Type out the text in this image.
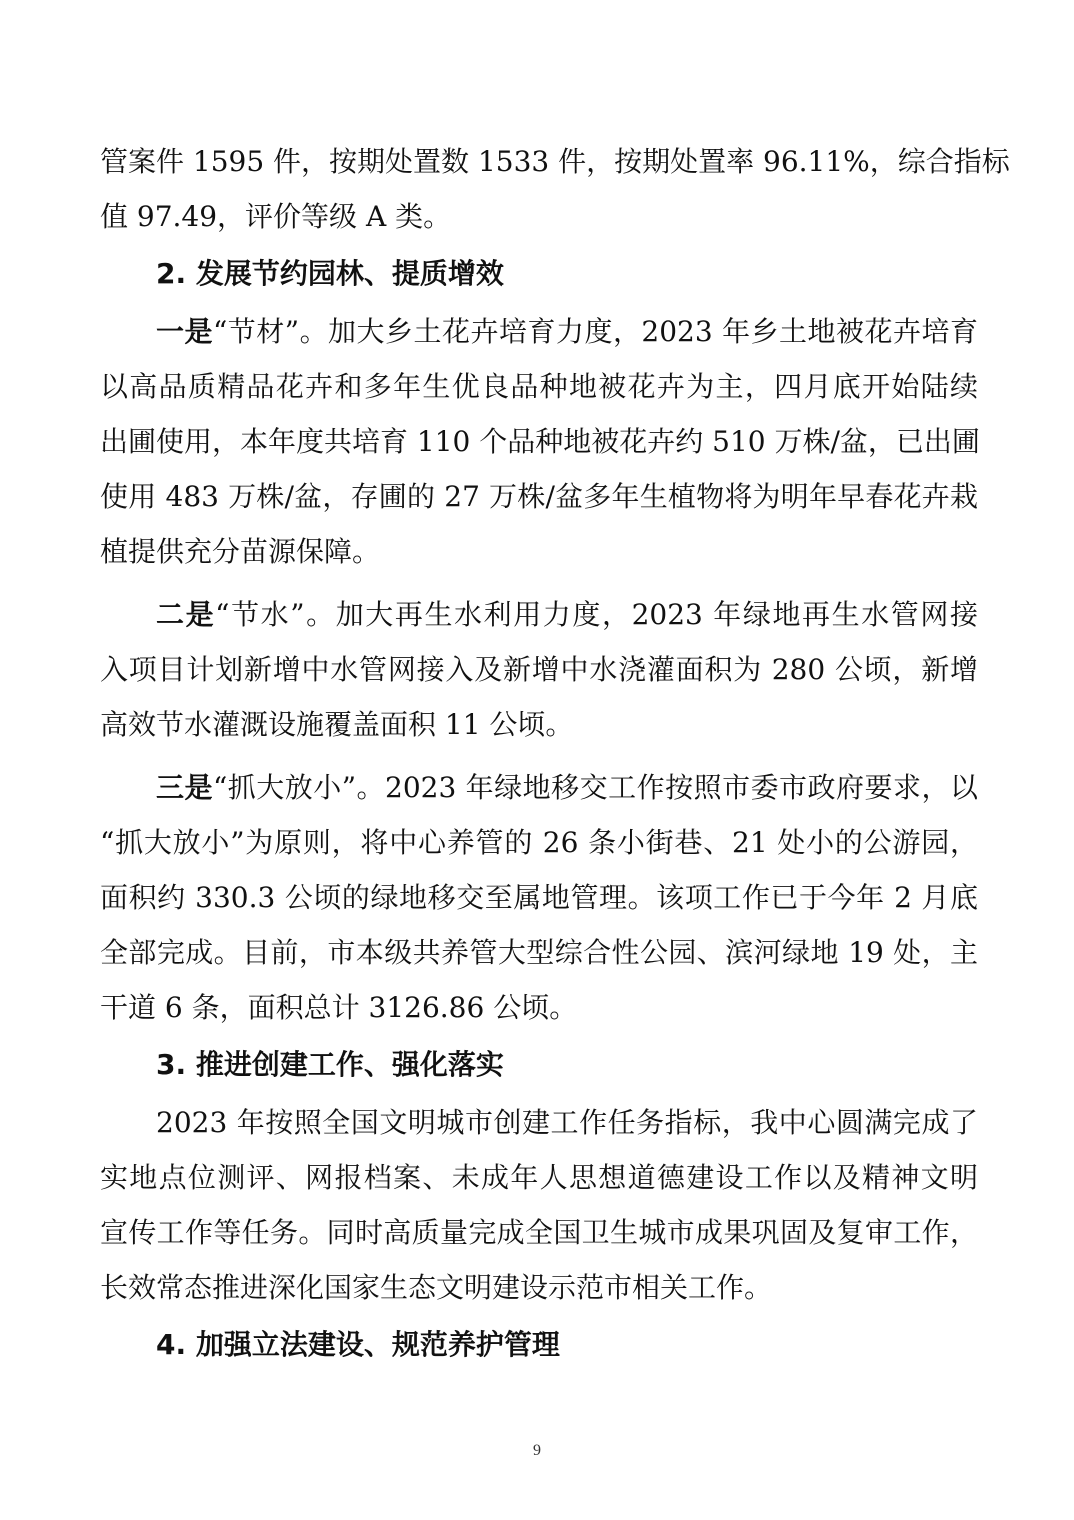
管案件 1595 件，按期处置数 1533 件，按期处置率 96.11%，综合指标
值 97.49，评价等级 A 类。
2. 发展节约园林、提质增效
一是“节材”。加大乡土花卉培育力度，2023 年乡土地被花卉培育
以高品质精品花卉和多年生优良品种地被花卉为主，四月底开始陆续
出圃使用，本年度共培育 110 个品种地被花卉约 510 万株/盆，已出圃
使用 483 万株/盆，存圃的 27 万株/盆多年生植物将为明年早春花卉栽
植提供充分苗源保障。
二是“节水”。加大再生水利用力度，2023 年绿地再生水管网接
入项目计划新增中水管网接入及新增中水浇灌面积为 280 公顷，新增
高效节水灌溉设施覆盖面积 11 公顷。
三是“抓大放小”。2023 年绿地移交工作按照市委市政府要求，以
“抓大放小”为原则，将中心养管的 26 条小街巷、21 处小的公游园，
面积约 330.3 公顷的绿地移交至属地管理。该项工作已于今年 2 月底
全部完成。目前，市本级共养管大型综合性公园、滨河绿地 19 处，主
干道 6 条，面积总计 3126.86 公顷。
3. 推进创建工作、强化落实
2023 年按照全国文明城市创建工作任务指标，我中心圆满完成了
实地点位测评、网报档案、未成年人思想道德建设工作以及精神文明
宣传工作等任务。同时高质量完成全国卫生城市成果巩固及复审工作，
长效常态推进深化国家生态文明建设示范市相关工作。
4. 加强立法建设、规范养护管理
9
